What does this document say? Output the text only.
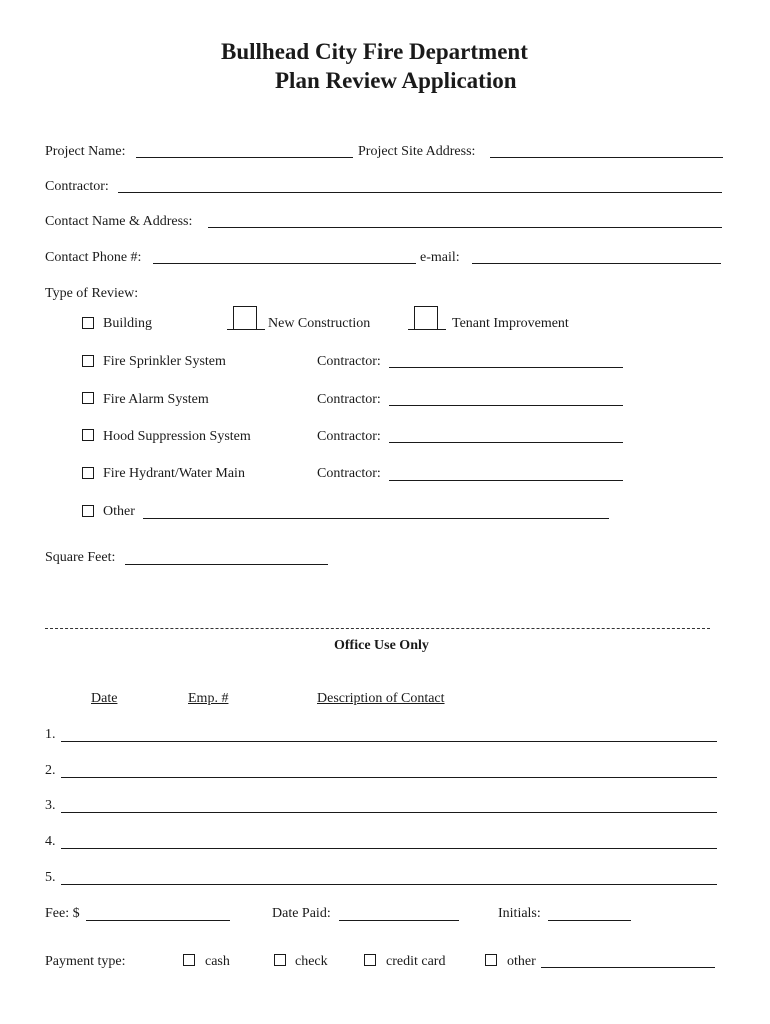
Bullhead City Fire Department
Plan Review Application
Project Name:	Project Site Address:
Contractor:
Contact Name & Address:
Contact Phone #:	e-mail:
Type of Review:
Building	New Construction	Tenant Improvement
Fire Sprinkler System	Contractor:
Fire Alarm System	Contractor:
Hood Suppression System	Contractor:
Fire Hydrant/Water Main	Contractor:
Other
Square Feet:
Office Use Only
Date	Emp. #	Description of Contact
1.
2.
3.
4.
5.
Fee: $	Date Paid:	Initials:
Payment type:	cash	check	credit card	other
